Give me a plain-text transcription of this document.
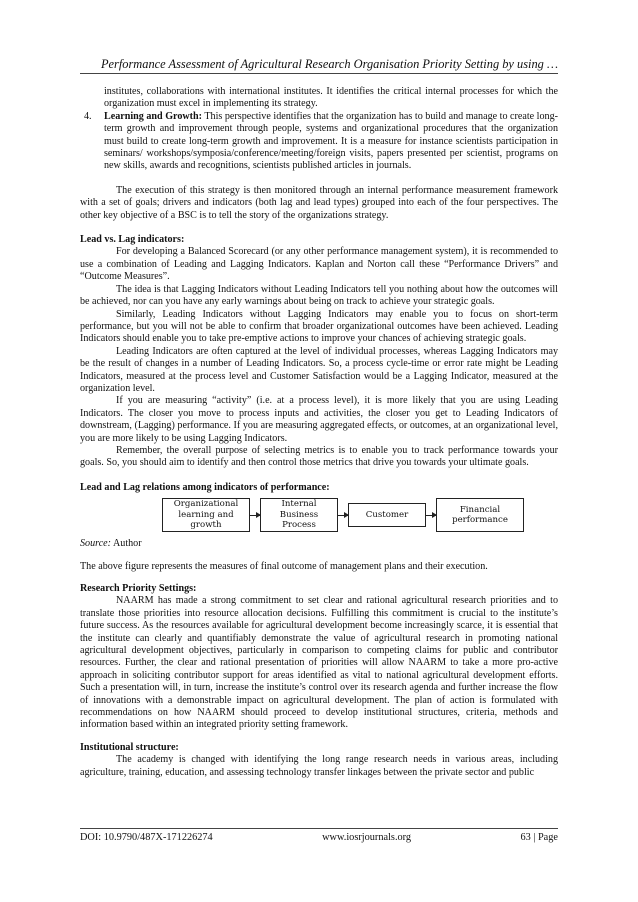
Performance Assessment of Agricultural Research Organisation Priority Setting by using …

institutes, collaborations with international institutes. It identifies the critical internal processes for which the organization must excel in implementing its strategy.

4.	Learning and Growth: This perspective identifies that the organization has to build and manage to create long-term growth and improvement through people, systems and organizational procedures that the organization must build to create long-term growth and improvement. It is a measure for instance scientists participation in seminars/ workshops/symposia/conference/meeting/foreign visits, papers presented per scientist, programs on new skills, awards and recognitions, scientists published articles in journals.

The execution of this strategy is then monitored through an internal performance measurement framework with a set of goals; drivers and indicators (both lag and lead types) grouped into each of the four perspectives. The other key objective of a BSC is to tell the story of the organizations strategy.

Lead vs. Lag indicators:

For developing a Balanced Scorecard (or any other performance management system), it is recommended to use a combination of Leading and Lagging Indicators. Kaplan and Norton call these “Performance Drivers” and “Outcome Measures”.

The idea is that Lagging Indicators without Leading Indicators tell you nothing about how the outcomes will be achieved, nor can you have any early warnings about being on track to achieve your strategic goals.

Similarly, Leading Indicators without Lagging Indicators may enable you to focus on short-term performance, but you will not be able to confirm that broader organizational outcomes have been achieved. Leading Indicators should enable you to take pre-emptive actions to improve your chances of achieving strategic goals.

Leading Indicators are often captured at the level of individual processes, whereas Lagging Indicators may be the result of changes in a number of Leading Indicators. So, a process cycle-time or error rate might be Leading Indicators, measured at the process level and Customer Satisfaction would be a Lagging Indicator, measured at the organization level.

If you are measuring “activity” (i.e. at a process level), it is more likely that you are using Leading Indicators. The closer you move to process inputs and activities, the closer you get to Leading Indicators of downstream, (Lagging) performance. If you are measuring aggregated effects, or outcomes, at an organizational level, you are more likely to be using Lagging Indicators.

Remember, the overall purpose of selecting metrics is to enable you to track performance towards your goals. So, you should aim to identify and then control those metrics that drive you towards your ultimate goals.

Lead and Lag relations among indicators of performance:

Organizational learning and growth
Internal Business Process
Customer
Financial performance

Source: Author

The above figure represents the measures of final outcome of management plans and their execution.

Research Priority Settings:

NAARM has made a strong commitment to set clear and rational agricultural research priorities and to translate those priorities into resource allocation decisions. Fulfilling this commitment is crucial to the institute’s future success. As the resources available for agricultural development become increasingly scarce, it is essential that the institute can clearly and quantifiably demonstrate the value of agricultural research in promoting national agricultural development objectives, particularly in comparison to competing claims for public and contributor resources. Further, the clear and rational presentation of priorities will allow NAARM to take a more pro-active approach in soliciting contributor support for areas identified as vital to national agricultural development efforts. Such a presentation will, in turn, increase the institute’s control over its research agenda and further increase the flow of innovations with a demonstrable impact on agricultural development. The plan of action is formulated with recommendations on how NAARM should proceed to develop institutional structures, criteria, methods and information based within an integrated priority setting framework.

Institutional structure:

The academy is changed with identifying the long range research needs in various areas, including agriculture, training, education, and assessing technology transfer linkages between the private sector and public

DOI: 10.9790/487X-171226274	www.iosrjournals.org	63 | Page
